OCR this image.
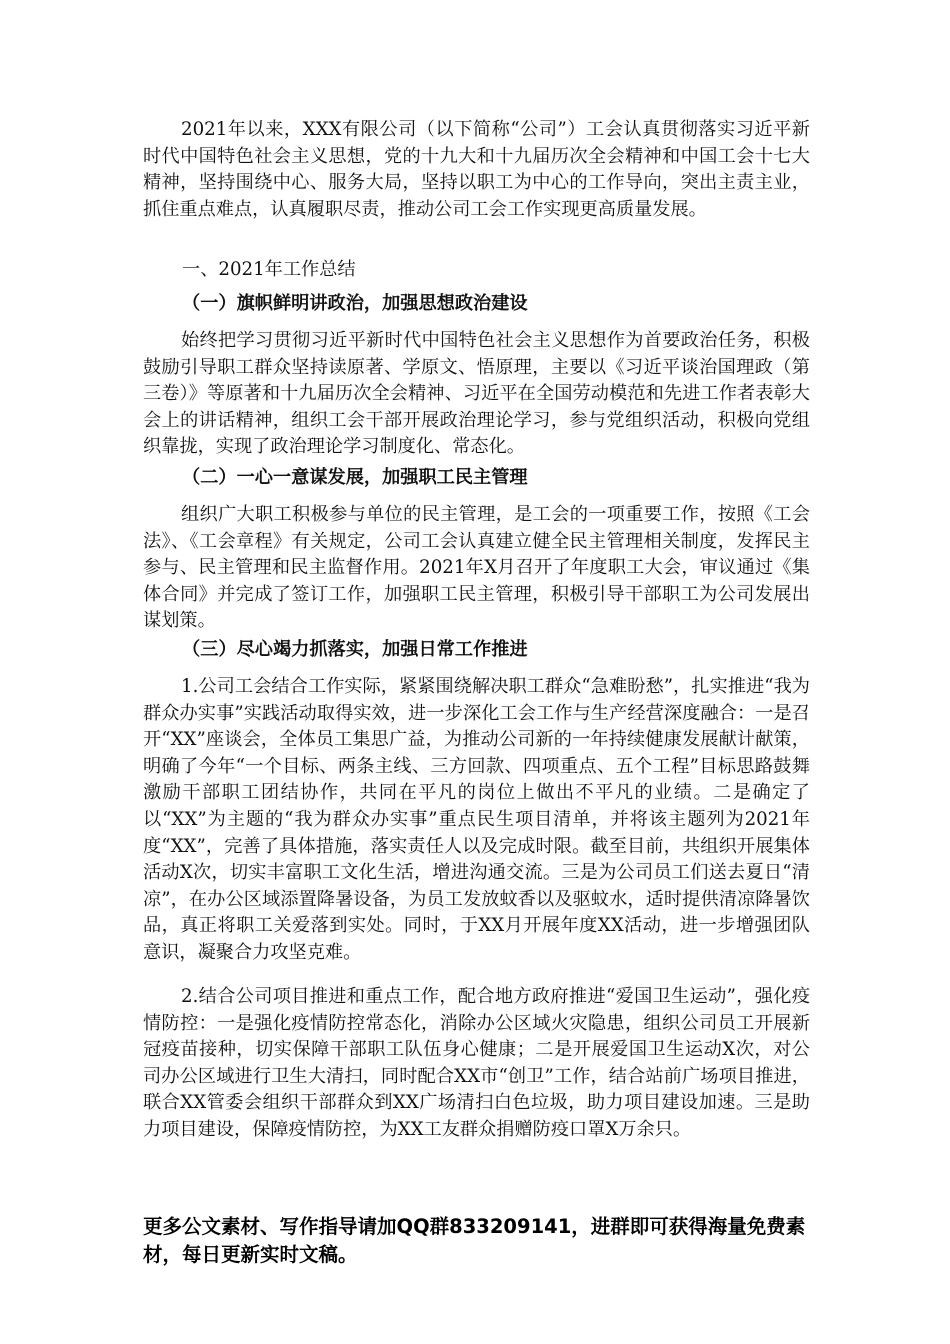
2021年以来，XXX有限公司（以下简称“公司”）工会认真贯彻落实习近平新时代中国特色社会主义思想，党的十九大和十九届历次全会精神和中国工会十七大精神，坚持围绕中心、服务大局，坚持以职工为中心的工作导向，突出主责主业，抓住重点难点，认真履职尽责，推动公司工会工作实现更高质量发展。

一、2021年工作总结

（一）旗帜鲜明讲政治，加强思想政治建设

始终把学习贯彻习近平新时代中国特色社会主义思想作为首要政治任务，积极鼓励引导职工群众坚持读原著、学原文、悟原理，主要以《习近平谈治国理政（第三卷）》等原著和十九届历次全会精神、习近平在全国劳动模范和先进工作者表彰大会上的讲话精神，组织工会干部开展政治理论学习，参与党组织活动，积极向党组织靠拢，实现了政治理论学习制度化、常态化。

（二）一心一意谋发展，加强职工民主管理

组织广大职工积极参与单位的民主管理，是工会的一项重要工作，按照《工会法》、《工会章程》有关规定，公司工会认真建立健全民主管理相关制度，发挥民主参与、民主管理和民主监督作用。2021年X月召开了年度职工大会，审议通过《集体合同》并完成了签订工作，加强职工民主管理，积极引导干部职工为公司发展出谋划策。

（三）尽心竭力抓落实，加强日常工作推进

1.公司工会结合工作实际，紧紧围绕解决职工群众“急难盼愁”，扎实推进“我为群众办实事”实践活动取得实效，进一步深化工会工作与生产经营深度融合：一是召开“XX”座谈会，全体员工集思广益，为推动公司新的一年持续健康发展献计献策，明确了今年“一个目标、两条主线、三方回款、四项重点、五个工程”目标思路鼓舞激励干部职工团结协作，共同在平凡的岗位上做出不平凡的业绩。二是确定了以“XX”为主题的“我为群众办实事”重点民生项目清单，并将该主题列为2021年度“XX”，完善了具体措施，落实责任人以及完成时限。截至目前，共组织开展集体活动X次，切实丰富职工文化生活，增进沟通交流。三是为公司员工们送去夏日“清凉”，在办公区域添置降暑设备，为员工发放蚊香以及驱蚊水，适时提供清凉降暑饮品，真正将职工关爱落到实处。同时，于XX月开展年度XX活动，进一步增强团队意识，凝聚合力攻坚克难。

2.结合公司项目推进和重点工作，配合地方政府推进“爱国卫生运动”，强化疫情防控：一是强化疫情防控常态化，消除办公区域火灾隐患，组织公司员工开展新冠疫苗接种，切实保障干部职工队伍身心健康；二是开展爱国卫生运动X次，对公司办公区域进行卫生大清扫，同时配合XX市“创卫”工作，结合站前广场项目推进，联合XX管委会组织干部群众到XX广场清扫白色垃圾，助力项目建设加速。三是助力项目建设，保障疫情防控，为XX工友群众捐赠防疫口罩X万余只。

更多公文素材、写作指导请加QQ群833209141，进群即可获得海量免费素材，每日更新实时文稿。
